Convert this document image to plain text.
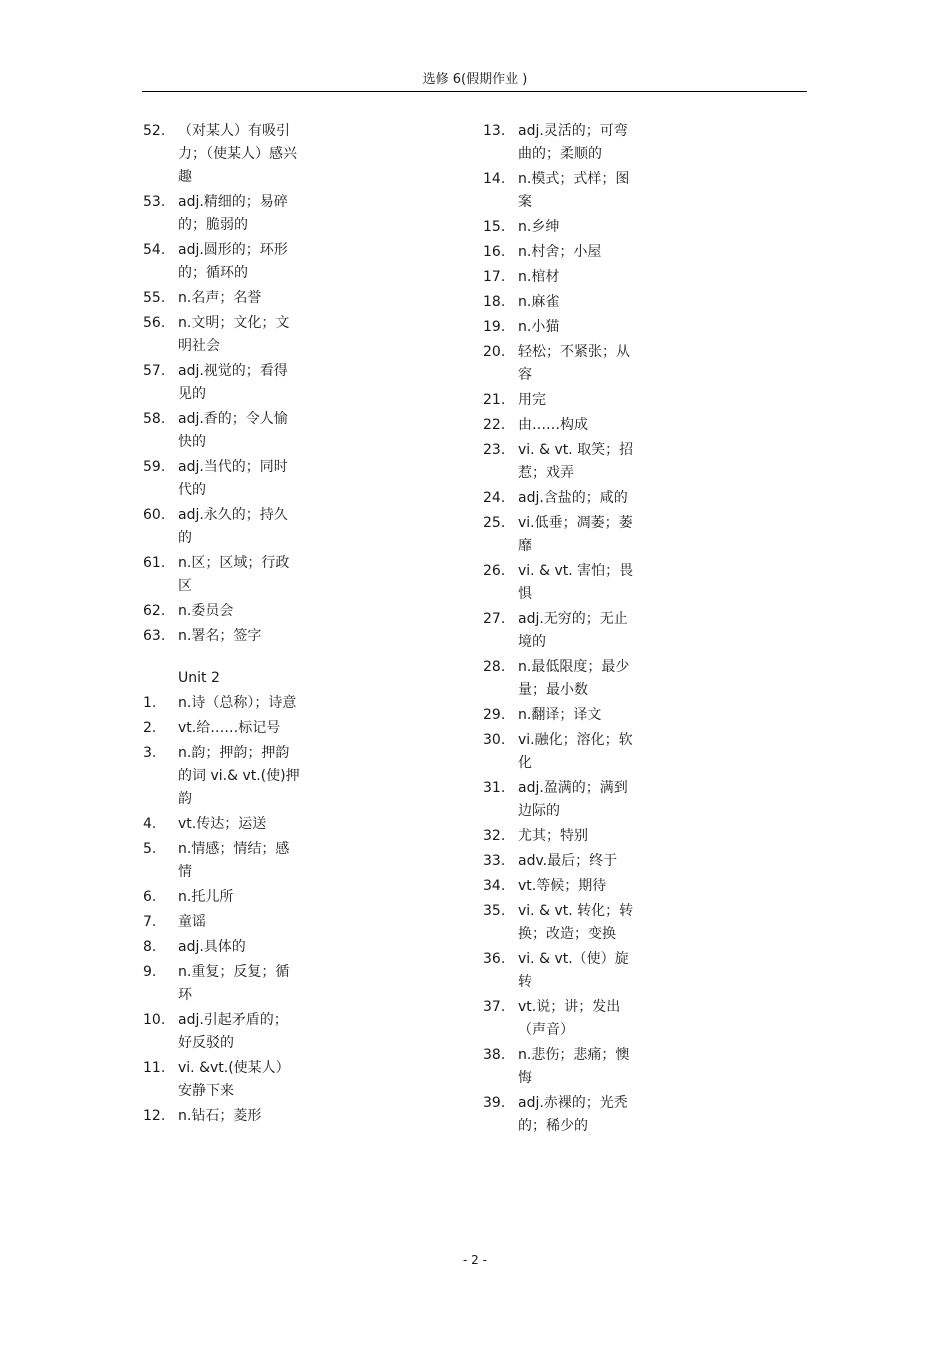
选修 6(假期作业 )
52. （对某人）有吸引力；（使某人）感兴趣
53. adj.精细的；易碎的；脆弱的
54. adj.圆形的；环形的；循环的
55. n.名声；名誉
56. n.文明；文化；文明社会
57. adj.视觉的；看得见的
58. adj.香的；令人愉快的
59. adj.当代的；同时代的
60. adj.永久的；持久的
61. n.区；区域；行政区
62. n.委员会
63. n.署名；签字
Unit 2
1.	n.诗（总称）；诗意
2.	vt.给……标记号
3.	n.韵；押韵；押韵的词 vi.& vt.(使)押韵
4.	vt.传达；运送
5.	n.情感；情结；感情
6.	n.托儿所
7.	童谣
8.	adj.具体的
9.	n.重复；反复；循环
10. adj.引起矛盾的；好反驳的
11. vi. &vt.(使某人）安静下来
12. n.钻石；菱形
13. adj.灵活的；可弯曲的；柔顺的
14. n.模式；式样；图案
15. n.乡绅
16. n.村舍；小屋
17. n.棺材
18. n.麻雀
19. n.小猫
20. 轻松；不紧张；从容
21. 用完
22. 由……构成
23. vi. & vt. 取笑；招惹；戏弄
24. adj.含盐的；咸的
25. vi.低垂；凋萎；萎靡
26. vi. & vt. 害怕；畏惧
27. adj.无穷的；无止境的
28. n.最低限度；最少量；最小数
29. n.翻译；译文
30. vi.融化；溶化；软化
31. adj.盈满的；满到边际的
32. 尤其；特别
33. adv.最后；终于
34. vt.等候；期待
35. vi. & vt. 转化；转换；改造；变换
36. vi. & vt.（使）旋转
37. vt.说；讲；发出（声音）
38. n.悲伤；悲痛；懊悔
39. adj.赤裸的；光秃的；稀少的
- 2 -
